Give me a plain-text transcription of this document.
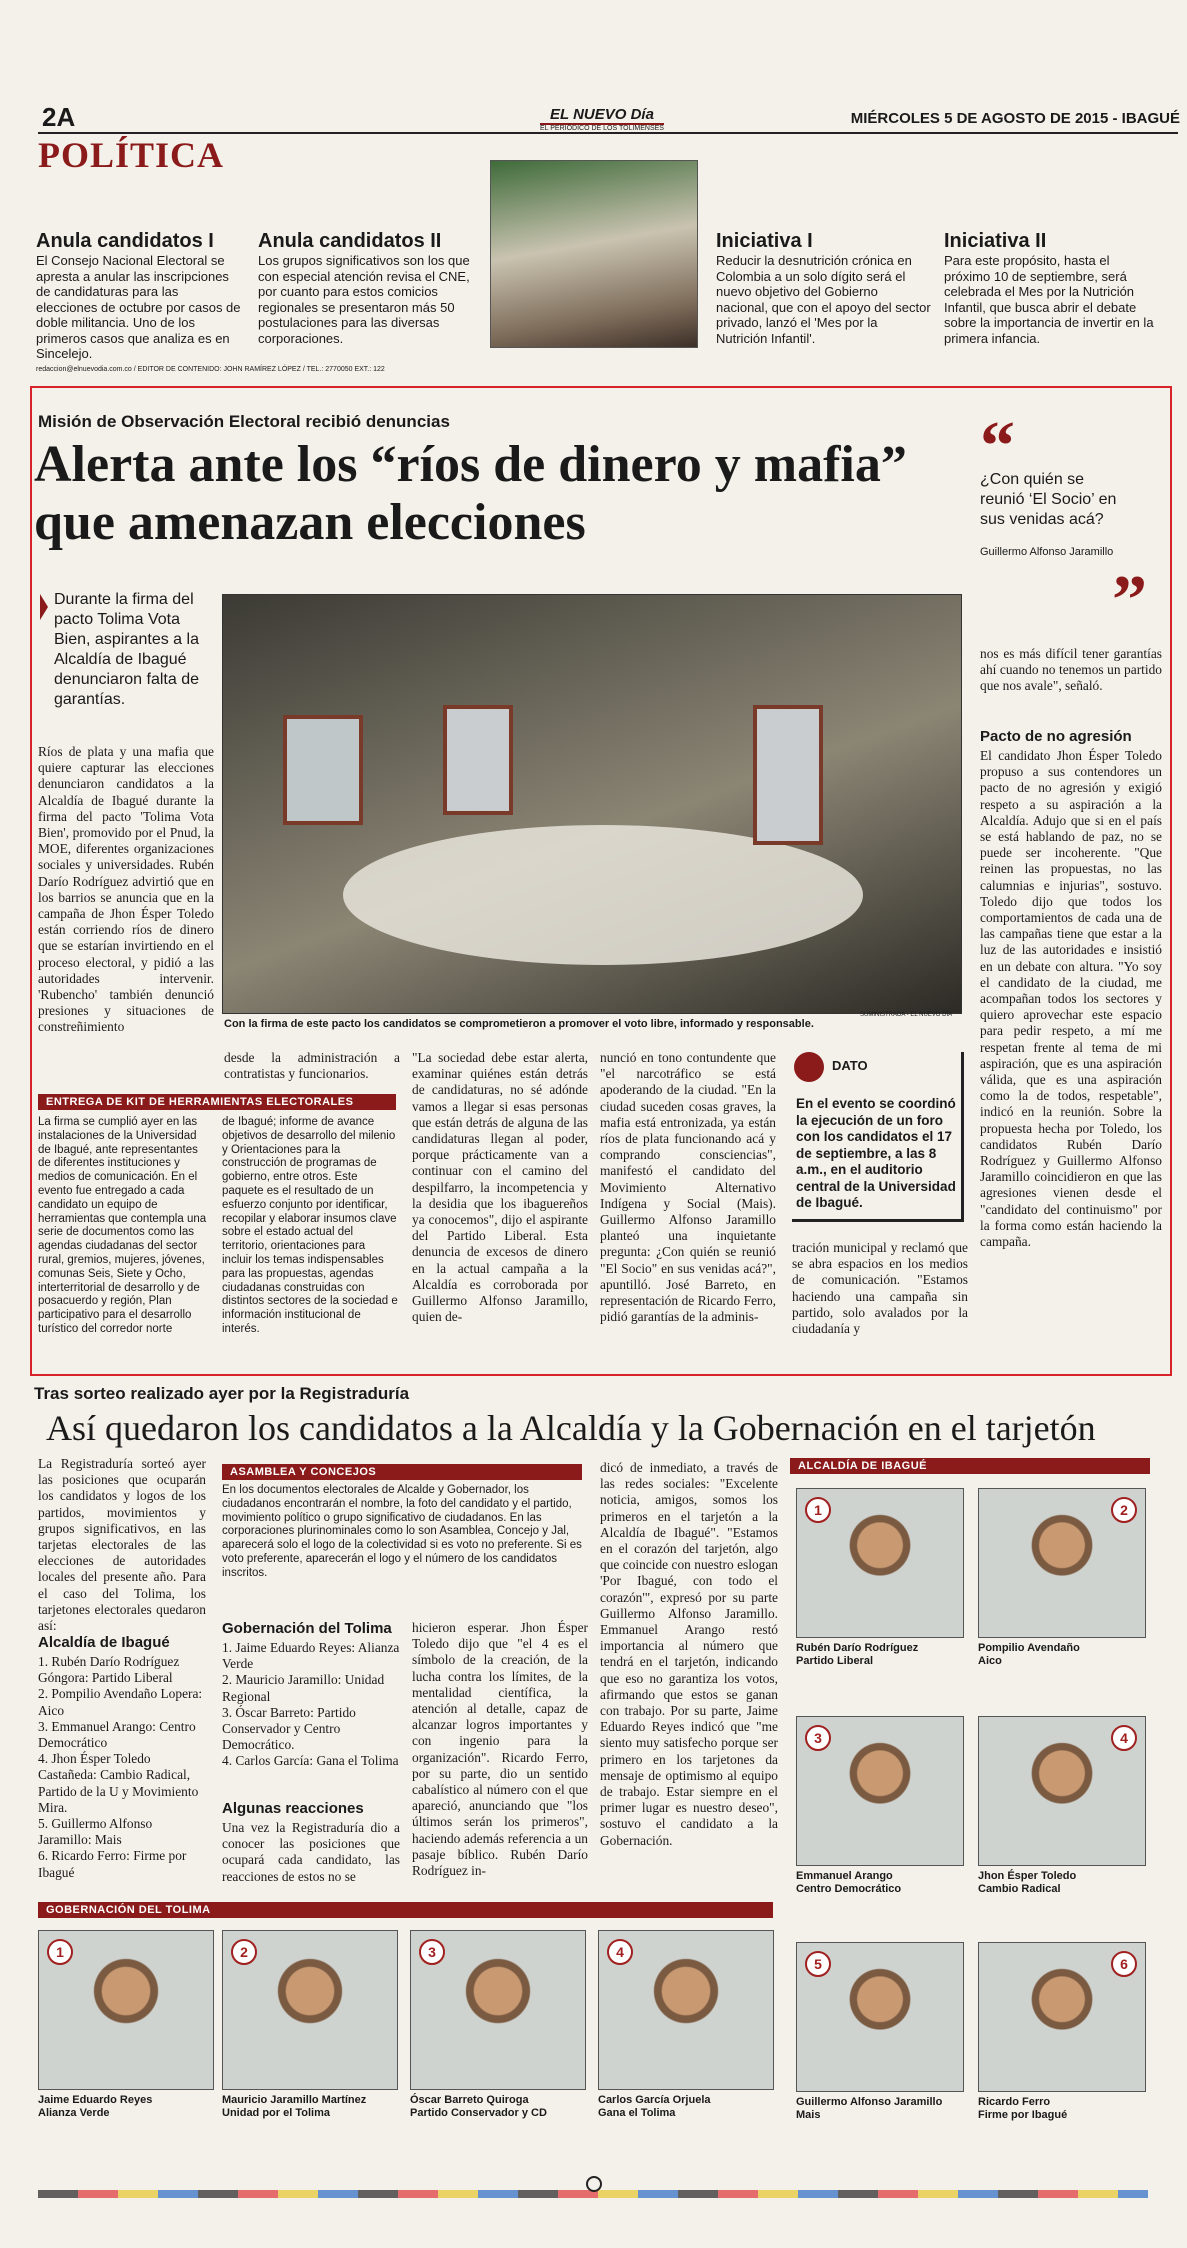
2A	EL NUEVO Día
EL PERIÓDICO DE LOS TOLIMENSES
MIÉRCOLES 5 DE AGOSTO DE 2015 - IBAGUÉ
POLÍTICA
Anula candidatos I
El Consejo Nacional Electoral se apresta a anular las inscripciones de candidaturas para las elecciones de octubre por casos de doble militancia. Uno de los primeros casos que analiza es en Sincelejo.
Anula candidatos II
Los grupos significativos son los que con especial atención revisa el CNE, por cuanto para estos comicios regionales se presentaron más 50 postulaciones para las diversas corporaciones.
Iniciativa I
Reducir la desnutrición crónica en Colombia a un solo dígito será el nuevo objetivo del Gobierno nacional, que con el apoyo del sector privado, lanzó el 'Mes por la Nutrición Infantil'.
Iniciativa II
Para este propósito, hasta el próximo 10 de septiembre, será celebrada el Mes por la Nutrición Infantil, que busca abrir el debate sobre la importancia de invertir en la primera infancia.
redaccion@elnuevodia.com.co / EDITOR DE CONTENIDO: JOHN RAMÍREZ LÓPEZ / TEL.: 2770050 EXT.: 122
Misión de Observación Electoral recibió denuncias
Alerta ante los “ríos de dinero y mafia” que amenazan elecciones
“
¿Con quién se reunió ‘El Socio’ en sus venidas acá?
Guillermo Alfonso Jaramillo
”
Durante la firma del pacto Tolima Vota Bien, aspirantes a la Alcaldía de Ibagué denunciaron falta de garantías.
SUMINISTRADA - EL NUEVO DÍA
Con la firma de este pacto los candidatos se comprometieron a promover el voto libre, informado y responsable.
Ríos de plata y una mafia que quiere capturar las elecciones denunciaron candidatos a la Alcaldía de Ibagué durante la firma del pacto 'Tolima Vota Bien', promovido por el Pnud, la MOE, diferentes organizaciones sociales y universidades. Rubén Darío Rodríguez advirtió que en los barrios se anuncia que en la campaña de Jhon Ésper Toledo están corriendo ríos de dinero que se estarían invirtiendo en el proceso electoral, y pidió a las autoridades intervenir. 'Rubencho' también denunció presiones y situaciones de constreñimiento
desde la administración a contratistas y funcionarios.
ENTREGA DE KIT DE HERRAMIENTAS ELECTORALES
La firma se cumplió ayer en las instalaciones de la Universidad de Ibagué, ante representantes de diferentes instituciones y medios de comunicación. En el evento fue entregado a cada candidato un equipo de herramientas que contempla una serie de documentos como las agendas ciudadanas del sector rural, gremios, mujeres, jóvenes, comunas Seis, Siete y Ocho, interterritorial de desarrollo y de posacuerdo y región, Plan participativo para el desarrollo turístico del corredor norte
de Ibagué; informe de avance objetivos de desarrollo del milenio y Orientaciones para la construcción de programas de gobierno, entre otros. Este paquete es el resultado de un esfuerzo conjunto por identificar, recopilar y elaborar insumos clave sobre el estado actual del territorio, orientaciones para incluir los temas indispensables para las propuestas, agendas ciudadanas construidas con distintos sectores de la sociedad e información institucional de interés.
"La sociedad debe estar alerta, examinar quiénes están detrás de candidaturas, no sé adónde vamos a llegar si esas personas que están detrás de alguna de las candidaturas llegan al poder, porque prácticamente van a continuar con el camino del despilfarro, la incompetencia y la desidia que los ibaguereños ya conocemos", dijo el aspirante del Partido Liberal. Esta denuncia de excesos de dinero en la actual campaña a la Alcaldía es corroborada por Guillermo Alfonso Jaramillo, quien de-
nunció en tono contundente que "el narcotráfico se está apoderando de la ciudad. "En la ciudad suceden cosas graves, la mafia está entronizada, ya están ríos de plata funcionando acá y comprando consciencias", manifestó el candidato del Movimiento Alternativo Indígena y Social (Mais). Guillermo Alfonso Jaramillo planteó una inquietante pregunta: ¿Con quién se reunió "El Socio" en sus venidas acá?", apuntilló. José Barreto, en representación de Ricardo Ferro, pidió garantías de la adminis-
DATO
En el evento se coordinó la ejecución de un foro con los candidatos el 17 de septiembre, a las 8 a.m., en el auditorio central de la Universidad de Ibagué.
tración municipal y reclamó que se abra espacios en los medios de comunicación. "Estamos haciendo una campaña sin partido, solo avalados por la ciudadanía y
nos es más difícil tener garantías ahí cuando no tenemos un partido que nos avale", señaló.
Pacto de no agresión
El candidato Jhon Ésper Toledo propuso a sus contendores un pacto de no agresión y exigió respeto a su aspiración a la Alcaldía. Adujo que si en el país se está hablando de paz, no se puede ser incoherente. "Que reinen las propuestas, no las calumnias e injurias", sostuvo. Toledo dijo que todos los comportamientos de cada una de las campañas tiene que estar a la luz de las autoridades e insistió en un debate con altura. "Yo soy el candidato de la ciudad, me acompañan todos los sectores y quiero aprovechar este espacio para pedir respeto, a mí me respetan frente al tema de mi aspiración, que es una aspiración válida, que es una aspiración como la de todos, respetable", indicó en la reunión. Sobre la propuesta hecha por Toledo, los candidatos Rubén Darío Rodríguez y Guillermo Alfonso Jaramillo coincidieron en que las agresiones vienen desde el "candidato del continuismo" por la forma como están haciendo la campaña.
Tras sorteo realizado ayer por la Registraduría
Así quedaron los candidatos a la Alcaldía y la Gobernación en el tarjetón
La Registraduría sorteó ayer las posiciones que ocuparán los candidatos y logos de los partidos, movimientos y grupos significativos, en las tarjetas electorales de las elecciones de autoridades locales del presente año. Para el caso del Tolima, los tarjetones electorales quedaron así:
Alcaldía de Ibagué
1. Rubén Darío Rodríguez Góngora: Partido Liberal
2. Pompilio Avendaño Lopera: Aico
3. Emmanuel Arango: Centro Democrático
4. Jhon Ésper Toledo Castañeda: Cambio Radical, Partido de la U y Movimiento Mira.
5. Guillermo Alfonso Jaramillo: Mais
6. Ricardo Ferro: Firme por Ibagué
ASAMBLEA Y CONCEJOS
En los documentos electorales de Alcalde y Gobernador, los ciudadanos encontrarán el nombre, la foto del candidato y el partido, movimiento político o grupo significativo de ciudadanos. En las corporaciones plurinominales como lo son Asamblea, Concejo y Jal, aparecerá solo el logo de la colectividad si es voto no preferente. Si es voto preferente, aparecerán el logo y el número de los candidatos inscritos.
Gobernación del Tolima
1. Jaime Eduardo Reyes: Alianza Verde
2. Mauricio Jaramillo: Unidad Regional
3. Óscar Barreto: Partido Conservador y Centro Democrático.
4. Carlos García: Gana el Tolima
Algunas reacciones
Una vez la Registraduría dio a conocer las posiciones que ocupará cada candidato, las reacciones de estos no se
hicieron esperar. Jhon Ésper Toledo dijo que "el 4 es el símbolo de la creación, de la lucha contra los límites, de la mentalidad científica, la atención al detalle, capaz de alcanzar logros importantes y con ingenio para la organización". Ricardo Ferro, por su parte, dio un sentido cabalístico al número con el que apareció, anunciando que "los últimos serán los primeros", haciendo además referencia a un pasaje bíblico. Rubén Darío Rodríguez in-
dicó de inmediato, a través de las redes sociales: "Excelente noticia, amigos, somos los primeros en el tarjetón a la Alcaldía de Ibagué". "Estamos en el corazón del tarjetón, algo que coincide con nuestro eslogan 'Por Ibagué, con todo el corazón'", expresó por su parte Guillermo Alfonso Jaramillo. Emmanuel Arango restó importancia al número que tendrá en el tarjetón, indicando que eso no garantiza los votos, afirmando que estos se ganan con trabajo. Por su parte, Jaime Eduardo Reyes indicó que "me siento muy satisfecho porque ser primero en los tarjetones da mensaje de optimismo al equipo de trabajo. Estar siempre en el primer lugar es nuestro deseo", sostuvo el candidato a la Gobernación.
ALCALDÍA DE IBAGUÉ
1
Rubén Darío Rodríguez
Partido Liberal
2
Pompilio Avendaño
Aico
3
Emmanuel Arango
Centro Democrático
4
Jhon Ésper Toledo
Cambio Radical
5
Guillermo Alfonso Jaramillo
Mais
6
Ricardo Ferro
Firme por Ibagué
GOBERNACIÓN DEL TOLIMA
1
Jaime Eduardo Reyes
Alianza Verde
2
Mauricio Jaramillo Martínez
Unidad por el Tolima
3
Óscar Barreto Quiroga
Partido Conservador y CD
4
Carlos García Orjuela
Gana el Tolima
